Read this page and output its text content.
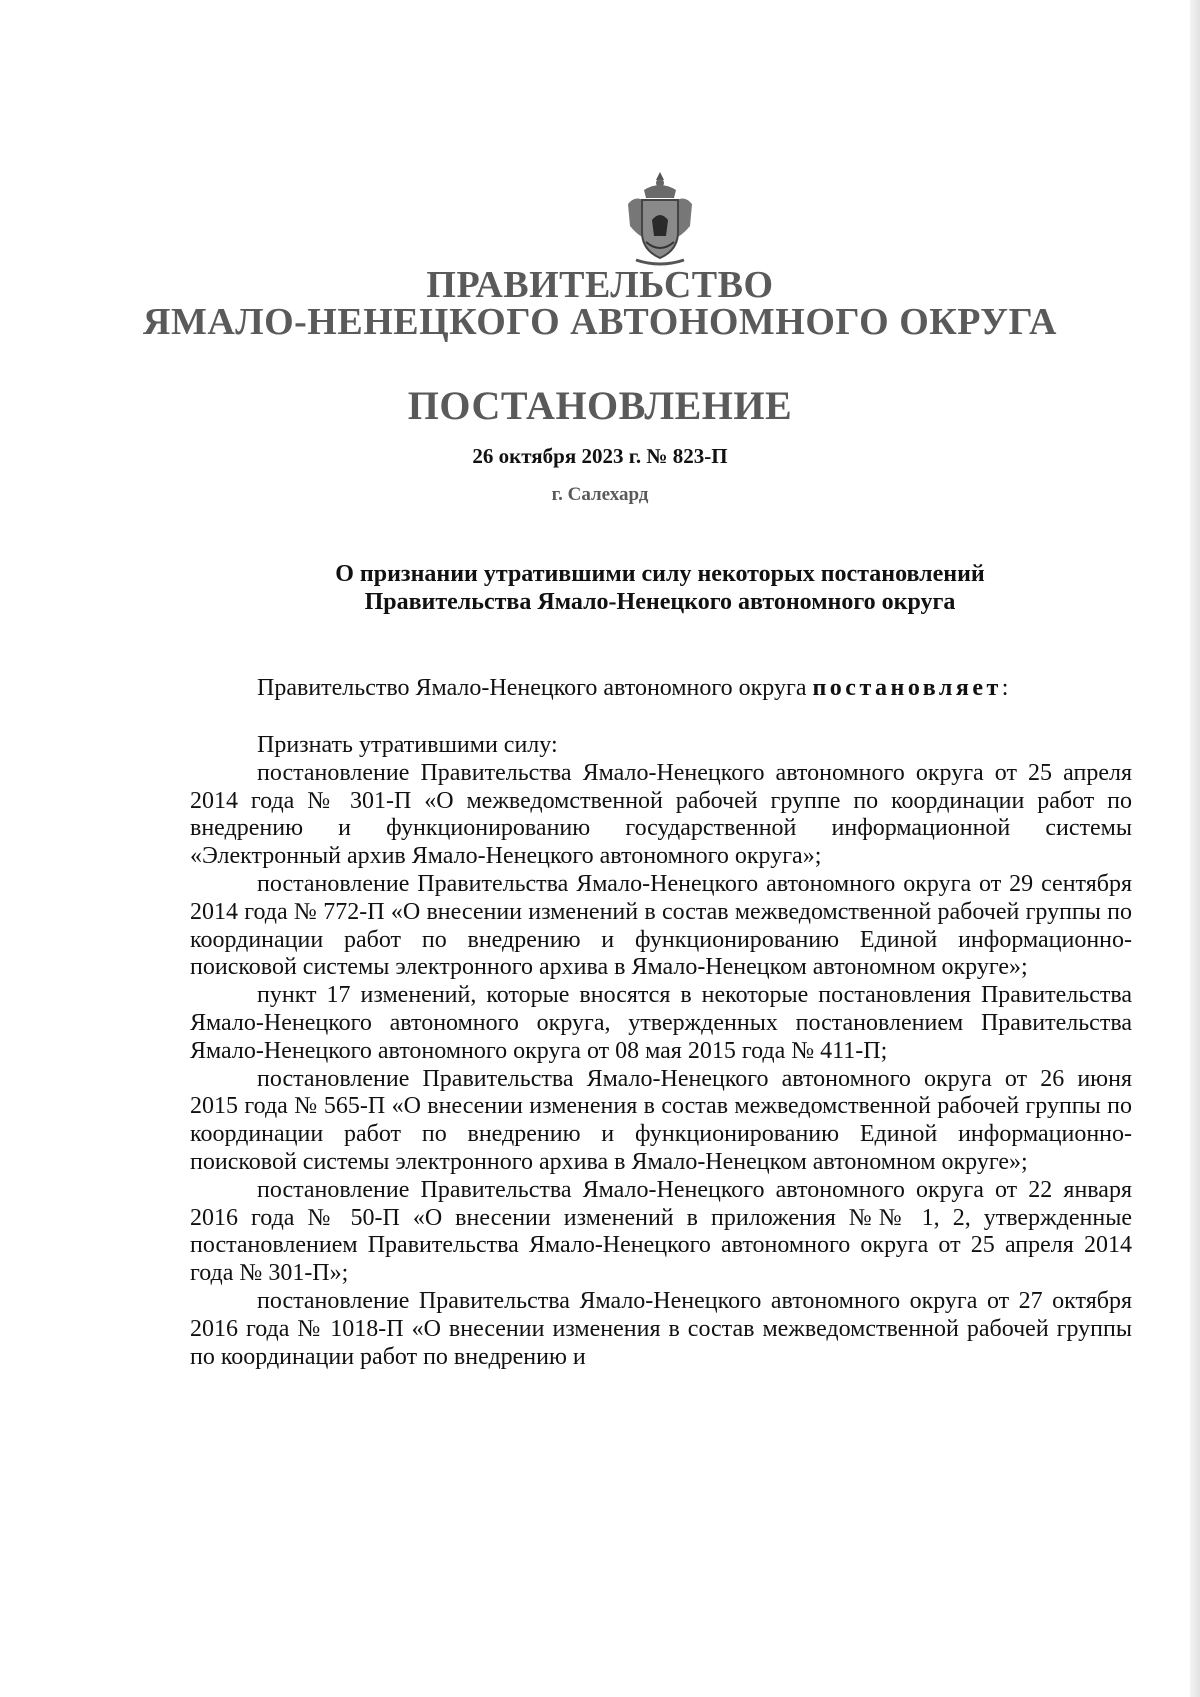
ПРАВИТЕЛЬСТВО
ЯМАЛО-НЕНЕЦКОГО АВТОНОМНОГО ОКРУГА
ПОСТАНОВЛЕНИЕ
26 октября 2023 г. № 823-П
г. Салехард
О признании утратившими силу некоторых постановлений
Правительства Ямало-Ненецкого автономного округа
Правительство Ямало-Ненецкого автономного округа постановляет:

Признать утратившими силу:

постановление Правительства Ямало-Ненецкого автономного округа от 25 апреля 2014 года № 301-П «О межведомственной рабочей группе по координации работ по внедрению и функционированию государственной информационной системы «Электронный архив Ямало-Ненецкого автономного округа»;

постановление Правительства Ямало-Ненецкого автономного округа от 29 сентября 2014 года № 772-П «О внесении изменений в состав межведомственной рабочей группы по координации работ по внедрению и функционированию Единой информационно-поисковой системы электронного архива в Ямало-Ненецком автономном округе»;

пункт 17 изменений, которые вносятся в некоторые постановления Правительства Ямало-Ненецкого автономного округа, утвержденных постановлением Правительства Ямало-Ненецкого автономного округа от 08 мая 2015 года № 411-П;

постановление Правительства Ямало-Ненецкого автономного округа от 26 июня 2015 года № 565-П «О внесении изменения в состав межведомственной рабочей группы по координации работ по внедрению и функционированию Единой информационно-поисковой системы электронного архива в Ямало-Ненецком автономном округе»;

постановление Правительства Ямало-Ненецкого автономного округа от 22 января 2016 года № 50-П «О внесении изменений в приложения №№ 1, 2, утвержденные постановлением Правительства Ямало-Ненецкого автономного округа от 25 апреля 2014 года № 301-П»;

постановление Правительства Ямало-Ненецкого автономного округа от 27 октября 2016 года № 1018-П «О внесении изменения в состав межведомственной рабочей группы по координации работ по внедрению и
